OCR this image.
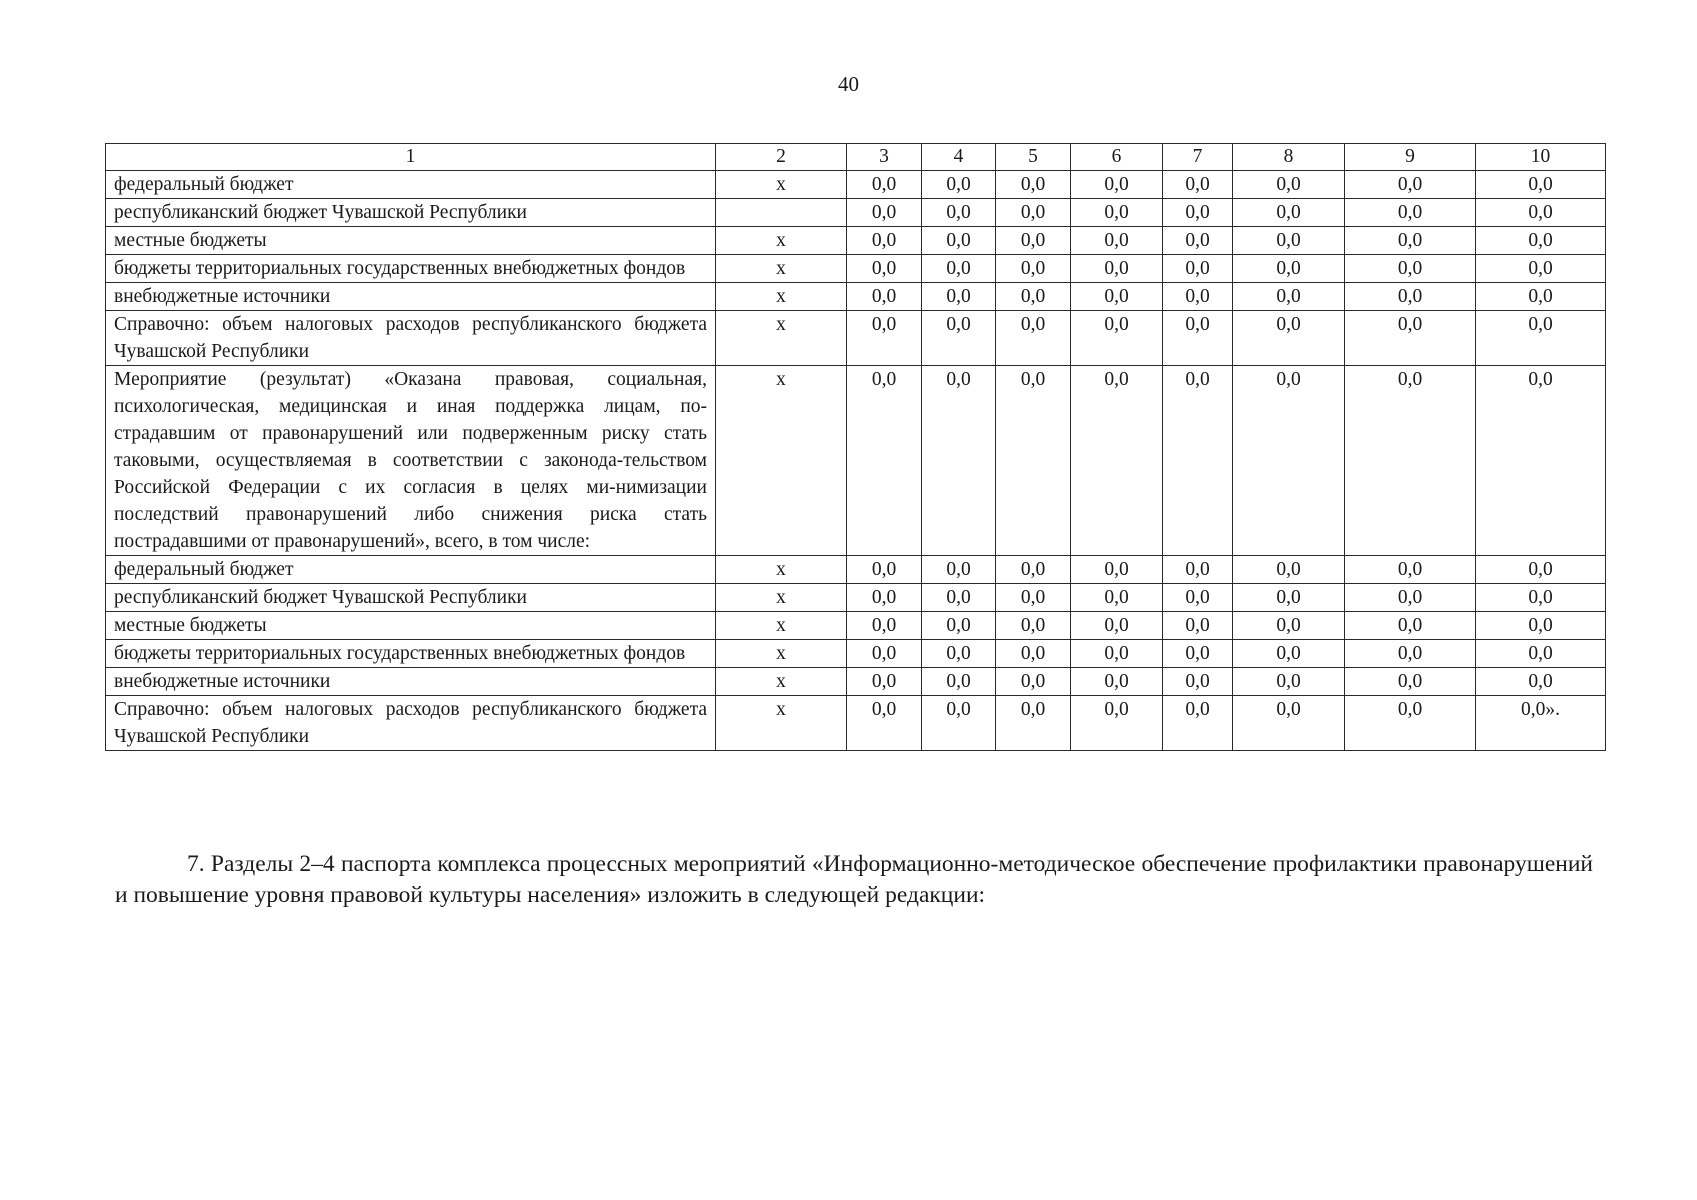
40
1	2	3	4	5	6	7	8	9	10
федеральный бюджет	х	0,0	0,0	0,0	0,0	0,0	0,0	0,0	0,0
республиканский бюджет Чувашской Республики		0,0	0,0	0,0	0,0	0,0	0,0	0,0	0,0
местные бюджеты	х	0,0	0,0	0,0	0,0	0,0	0,0	0,0	0,0
бюджеты территориальных государственных внебюджетных фондов	х	0,0	0,0	0,0	0,0	0,0	0,0	0,0	0,0
внебюджетные источники	х	0,0	0,0	0,0	0,0	0,0	0,0	0,0	0,0
Справочно: объем налоговых расходов республиканского бюджета Чувашской Республики	х	0,0	0,0	0,0	0,0	0,0	0,0	0,0	0,0
Мероприятие (результат) «Оказана правовая, социальная, психологическая, медицинская и иная поддержка лицам, по-страдавшим от правонарушений или подверженным риску стать таковыми, осуществляемая в соответствии с законода-тельством Российской Федерации с их согласия в целях ми-нимизации последствий правонарушений либо снижения риска стать пострадавшими от правонарушений», всего, в том числе:	х	0,0	0,0	0,0	0,0	0,0	0,0	0,0	0,0
федеральный бюджет	х	0,0	0,0	0,0	0,0	0,0	0,0	0,0	0,0
республиканский бюджет Чувашской Республики	х	0,0	0,0	0,0	0,0	0,0	0,0	0,0	0,0
местные бюджеты	х	0,0	0,0	0,0	0,0	0,0	0,0	0,0	0,0
бюджеты территориальных государственных внебюджетных фондов	х	0,0	0,0	0,0	0,0	0,0	0,0	0,0	0,0
внебюджетные источники	х	0,0	0,0	0,0	0,0	0,0	0,0	0,0	0,0
Справочно: объем налоговых расходов республиканского бюджета Чувашской Республики	х	0,0	0,0	0,0	0,0	0,0	0,0	0,0	0,0».
7. Разделы 2–4 паспорта комплекса процессных мероприятий «Информационно-методическое обеспечение профилактики правонарушений и повышение уровня правовой культуры населения» изложить в следующей редакции:
